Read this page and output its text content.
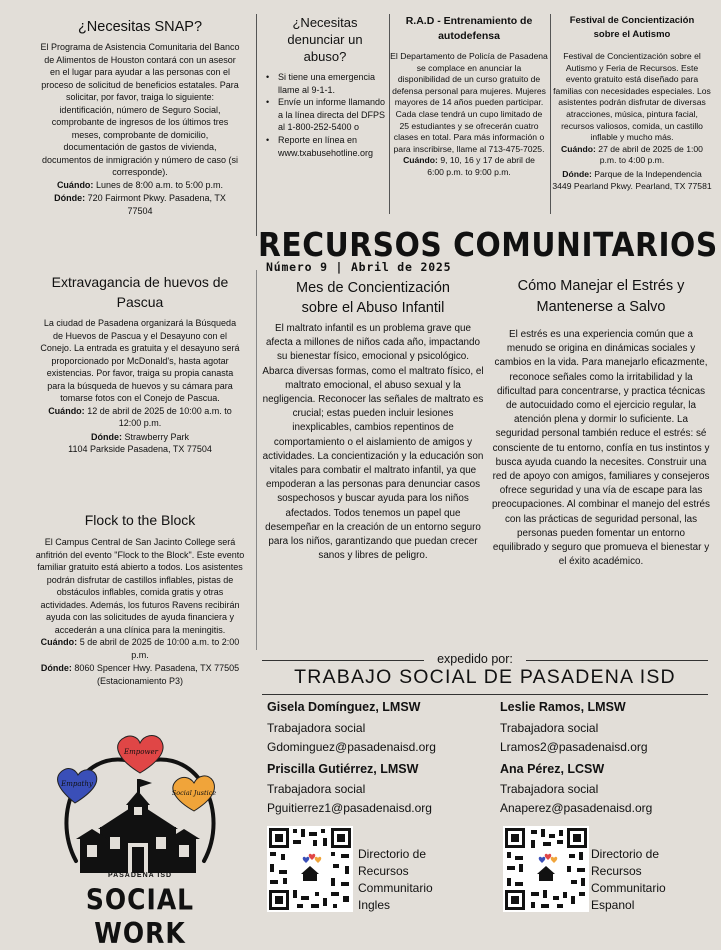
¿Necesitas SNAP?
El Programa de Asistencia Comunitaria del Banco de Alimentos de Houston contará con un asesor en el lugar para ayudar a las personas con el proceso de solicitud de beneficios estatales. Para solicitar, por favor, traiga lo siguiente: identificación, número de Seguro Social, comprobante de ingresos de los últimos tres meses, comprobante de domicilio, documentación de gastos de vivienda, documentos de inmigración y número de caso (si corresponde).
Cuándo: Lunes de 8:00 a.m. to 5:00 p.m.
Dónde: 720 Fairmont Pkwy. Pasadena, TX 77504
Extravagancia de huevos de Pascua
La ciudad de Pasadena organizará la Búsqueda de Huevos de Pascua y el Desayuno con el Conejo. La entrada es gratuita y el desayuno será proporcionado por McDonald's, hasta agotar existencias. Por favor, traiga su propia canasta para la búsqueda de huevos y su cámara para tomarse fotos con el Conejo de Pascua.
Cuándo: 12 de abril de 2025 de 10:00 a.m. to 12:00 p.m.
Dónde: Strawberry Park
1104 Parkside Pasadena, TX 77504
Flock to the Block
El Campus Central de San Jacinto College será anfitrión del evento "Flock to the Block". Este evento familiar gratuito está abierto a todos. Los asistentes podrán disfrutar de castillos inflables, pistas de obstáculos inflables, comida gratis y otras actividades. Además, los futuros Ravens recibirán ayuda con las solicitudes de ayuda financiera y accederán a una clínica para la meningitis.
Cuándo: 5 de abril de 2025 de 10:00 a.m. to 2:00 p.m.
Dónde: 8060 Spencer Hwy. Pasadena, TX 77505 (Estacionamiento P3)
Empathy
Empower
Social Justice
PASADENA ISD
SOCIAL WORK
¿Necesitas denunciar un abuso?
• Si tiene una emergencia llame al 9-1-1.
• Envíe un informe llamando a la línea directa del DFPS al 1-800-252-5400 o
• Reporte en línea en www.txabusehotline.org
R.A.D - Entrenamiento de autodefensa
El Departamento de Policía de Pasadena se complace en anunciar la disponibilidad de un curso gratuito de defensa personal para mujeres. Mujeres mayores de 14 años pueden participar. Cada clase tendrá un cupo limitado de 25 estudiantes y se ofrecerán cuatro clases en total. Para más información o para inscribirse, llame al 713-475-7025.
Cuándo: 9, 10, 16 y 17 de abril de 6:00 p.m. to 9:00 p.m.
Festival de Concientización sobre el Autismo
Festival de Concientización sobre el Autismo y Feria de Recursos. Este evento gratuito está diseñado para familias con necesidades especiales. Los asistentes podrán disfrutar de diversas atracciones, música, pintura facial, recursos valiosos, comida, un castillo inflable y mucho más.
Cuándo: 27 de abril de 2025 de 1:00 p.m. to 4:00 p.m.
Dónde: Parque de la Independencia 3449 Pearland Pkwy. Pearland, TX 77581
RECURSOS COMUNITARIOS
Número 9 | Abril de 2025
Mes de Concientización sobre el Abuso Infantil
El maltrato infantil es un problema grave que afecta a millones de niños cada año, impactando su bienestar físico, emocional y psicológico. Abarca diversas formas, como el maltrato físico, el maltrato emocional, el abuso sexual y la negligencia. Reconocer las señales de maltrato es crucial; estas pueden incluir lesiones inexplicables, cambios repentinos de comportamiento o el aislamiento de amigos y actividades. La concientización y la educación son vitales para combatir el maltrato infantil, ya que empoderan a las personas para denunciar casos sospechosos y buscar ayuda para los niños afectados. Todos tenemos un papel que desempeñar en la creación de un entorno seguro para los niños, garantizando que puedan crecer sanos y libres de peligro.
Cómo Manejar el Estrés y Mantenerse a Salvo
El estrés es una experiencia común que a menudo se origina en dinámicas sociales y cambios en la vida. Para manejarlo eficazmente, reconoce señales como la irritabilidad y la dificultad para concentrarse, y practica técnicas de autocuidado como el ejercicio regular, la atención plena y dormir lo suficiente. La seguridad personal también reduce el estrés: sé consciente de tu entorno, confía en tus instintos y busca ayuda cuando la necesites. Construir una red de apoyo con amigos, familiares y consejeros ofrece seguridad y una vía de escape para las preocupaciones. Al combinar el manejo del estrés con las prácticas de seguridad personal, las personas pueden fomentar un entorno equilibrado y seguro que promueva el bienestar y el éxito académico.
expedido por:
TRABAJO SOCIAL DE PASADENA ISD
Gisela Domínguez, LMSW
Trabajadora social
Gdominguez@pasadenaisd.org
Leslie Ramos, LMSW
Trabajadora social
Lramos2@pasadenaisd.org
Priscilla Gutiérrez, LMSW
Trabajadora social
Pguitierrez1@pasadenaisd.org
Ana Pérez, LCSW
Trabajadora social
Anaperez@pasadenaisd.org
Directorio de
Recursos
Communitario
Ingles
Directorio de
Recursos
Communitario
Espanol
